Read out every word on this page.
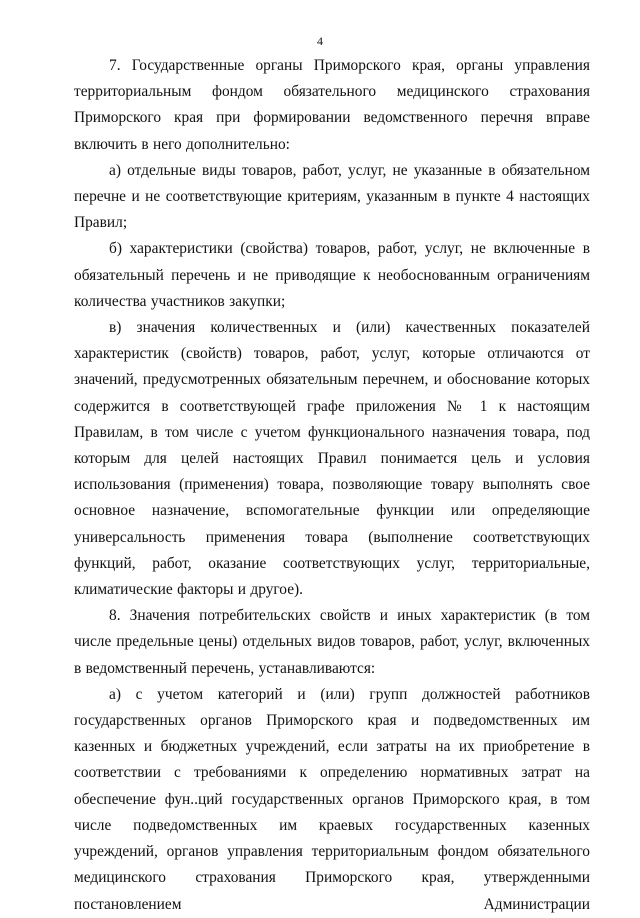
4

7. Государственные органы Приморского края, органы управления территориальным фондом обязательного медицинского страхования Приморского края при формировании ведомственного перечня вправе включить в него дополнительно:

а) отдельные виды товаров, работ, услуг, не указанные в обязательном перечне и не соответствующие критериям, указанным в пункте 4 настоящих Правил;

б) характеристики (свойства) товаров, работ, услуг, не включенные в обязательный перечень и не приводящие к необоснованным ограничениям количества участников закупки;

в) значения количественных и (или) качественных показателей характеристик (свойств) товаров, работ, услуг, которые отличаются от значений, предусмотренных обязательным перечнем, и обоснование которых содержится в соответствующей графе приложения № 1 к настоящим Правилам, в том числе с учетом функционального назначения товара, под которым для целей настоящих Правил понимается цель и условия использования (применения) товара, позволяющие товару выполнять свое основное назначение, вспомогательные функции или определяющие универсальность применения товара (выполнение соответствующих функций, работ, оказание соответствующих услуг, территориальные, климатические факторы и другое).

8. Значения потребительских свойств и иных характеристик (в том числе предельные цены) отдельных видов товаров, работ, услуг, включенных в ведомственный перечень, устанавливаются:

а) с учетом категорий и (или) групп должностей работников государственных органов Приморского края и подведомственных им казенных и бюджетных учреждений, если затраты на их приобретение в соответствии с требованиями к определению нормативных затрат на обеспечение фун..ций государственных органов Приморского края, в том числе подведомственных им краевых государственных казенных учреждений, органов управления территориальным фондом обязательного медицинского страхования Приморского края, утвержденными постановлением Администрации
